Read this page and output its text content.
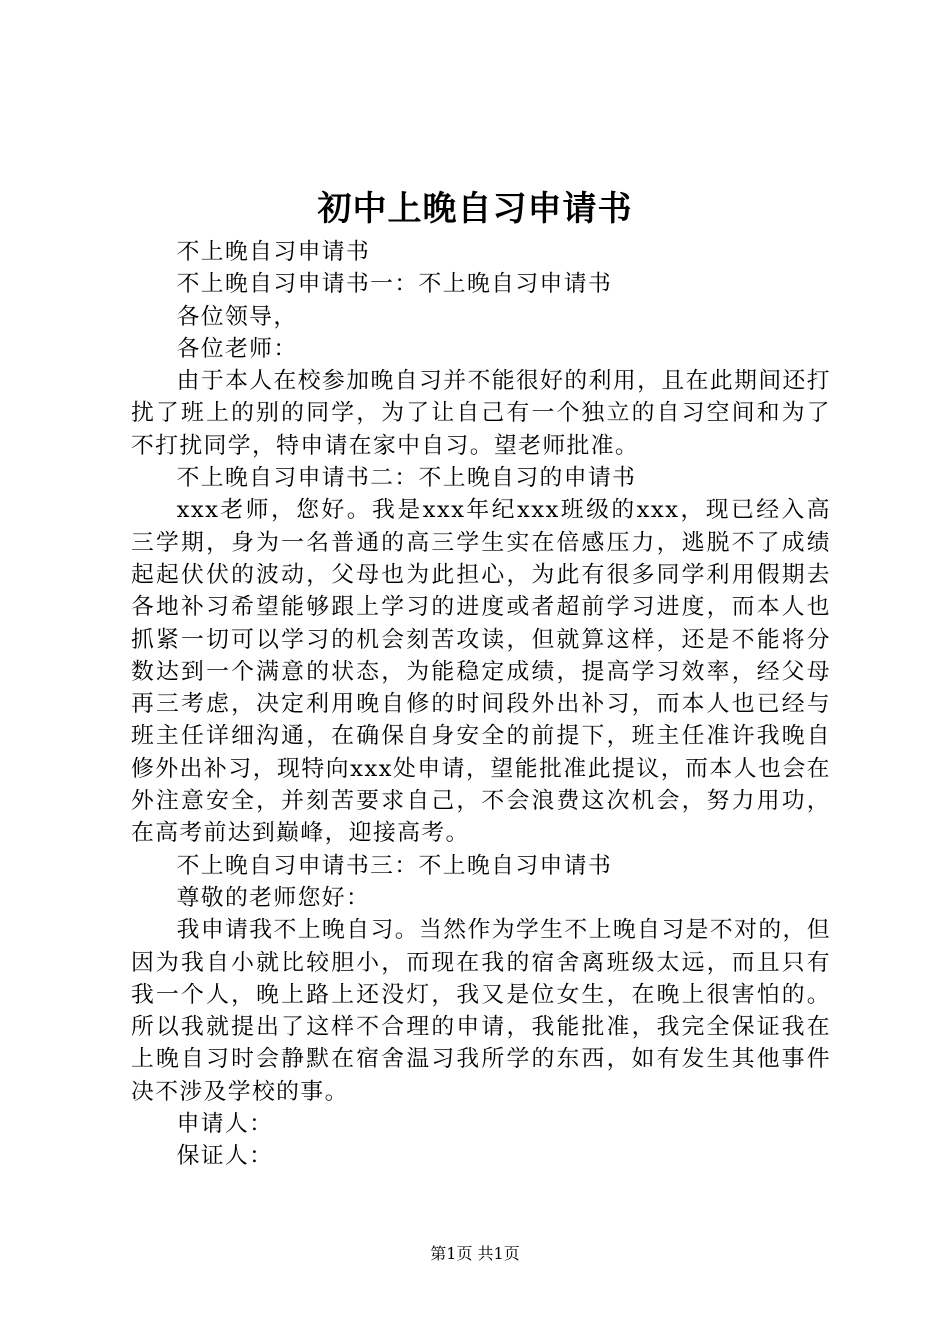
初中上晚自习申请书

不上晚自习申请书

不上晚自习申请书一：不上晚自习申请书

各位领导，

各位老师：

由于本人在校参加晚自习并不能很好的利用，且在此期间还打扰了班上的别的同学，为了让自己有一个独立的自习空间和为了不打扰同学，特申请在家中自习。望老师批准。

不上晚自习申请书二：不上晚自习的申请书

xxx老师，您好。我是xxx年纪xxx班级的xxx，现已经入高三学期，身为一名普通的高三学生实在倍感压力，逃脱不了成绩起起伏伏的波动，父母也为此担心，为此有很多同学利用假期去各地补习希望能够跟上学习的进度或者超前学习进度，而本人也抓紧一切可以学习的机会刻苦攻读，但就算这样，还是不能将分数达到一个满意的状态，为能稳定成绩，提高学习效率，经父母再三考虑，决定利用晚自修的时间段外出补习，而本人也已经与班主任详细沟通，在确保自身安全的前提下，班主任准许我晚自修外出补习，现特向xxx处申请，望能批准此提议，而本人也会在外注意安全，并刻苦要求自己，不会浪费这次机会，努力用功，在高考前达到巅峰，迎接高考。

不上晚自习申请书三：不上晚自习申请书

尊敬的老师您好：

我申请我不上晚自习。当然作为学生不上晚自习是不对的，但因为我自小就比较胆小，而现在我的宿舍离班级太远，而且只有我一个人，晚上路上还没灯，我又是位女生，在晚上很害怕的。所以我就提出了这样不合理的申请，我能批准，我完全保证我在上晚自习时会静默在宿舍温习我所学的东西，如有发生其他事件决不涉及学校的事。

申请人：

保证人：

第1页 共1页
